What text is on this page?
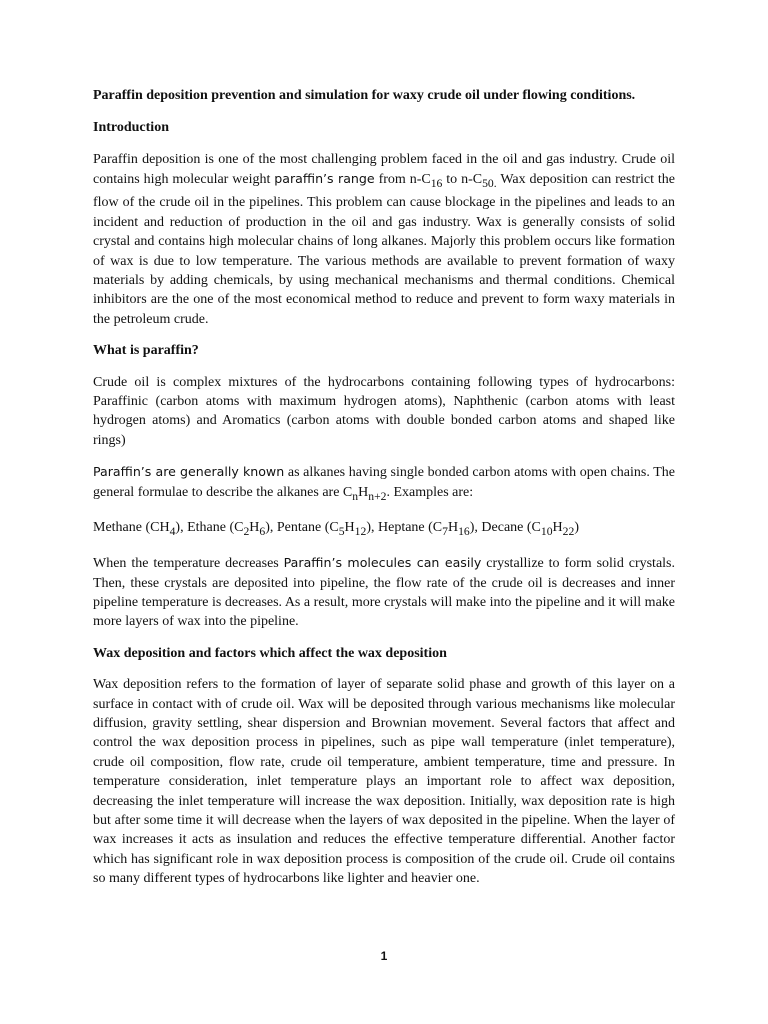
Paraffin deposition prevention and simulation for waxy crude oil under flowing conditions.

Introduction

Paraffin deposition is one of the most challenging problem faced in the oil and gas industry. Crude oil contains high molecular weight paraffin’s range from $n-C_{16}$ to $n-C_{50.}$ Wax deposition can restrict the flow of the crude oil in the pipelines. This problem can cause blockage in the pipelines and leads to an incident and reduction of production in the oil and gas industry. Wax is generally consists of solid crystal and contains high molecular chains of long alkanes. Majorly this problem occurs like formation of wax is due to low temperature. The various methods are available to prevent formation of waxy materials by adding chemicals, by using mechanical mechanisms and thermal conditions. Chemical inhibitors are the one of the most economical method to reduce and prevent to form waxy materials in the petroleum crude.

What is paraffin?

Crude oil is complex mixtures of the hydrocarbons containing following types of hydrocarbons: Paraffinic (carbon atoms with maximum hydrogen atoms), Naphthenic (carbon atoms with least hydrogen atoms) and Aromatics (carbon atoms with double bonded carbon atoms and shaped like rings)

Paraffin’s are generally known as alkanes having single bonded carbon atoms with open chains. The general formulae to describe the alkanes are $C_nH_{n+2}$. Examples are:

Methane $(CH_4)$, Ethane $(C_2H_6)$, Pentane $(C_5H_{12})$, Heptane $(C_7H_{16})$, Decane $(C_{10}H_{22})$

When the temperature decreases Paraffin’s molecules can easily crystallize to form solid crystals. Then, these crystals are deposited into pipeline, the flow rate of the crude oil is decreases and inner pipeline temperature is decreases. As a result, more crystals will make into the pipeline and it will make more layers of wax into the pipeline.

Wax deposition and factors which affect the wax deposition

Wax deposition refers to the formation of layer of separate solid phase and growth of this layer on a surface in contact with of crude oil. Wax will be deposited through various mechanisms like molecular diffusion, gravity settling, shear dispersion and Brownian movement. Several factors that affect and control the wax deposition process in pipelines, such as pipe wall temperature (inlet temperature), crude oil composition, flow rate, crude oil temperature, ambient temperature, time and pressure. In temperature consideration, inlet temperature plays an important role to affect wax deposition, decreasing the inlet temperature will increase the wax deposition. Initially, wax deposition rate is high but after some time it will decrease when the layers of wax deposited in the pipeline. When the layer of wax increases it acts as insulation and reduces the effective temperature differential. Another factor which has significant role in wax deposition process is composition of the crude oil. Crude oil contains so many different types of hydrocarbons like lighter and heavier one.

1
